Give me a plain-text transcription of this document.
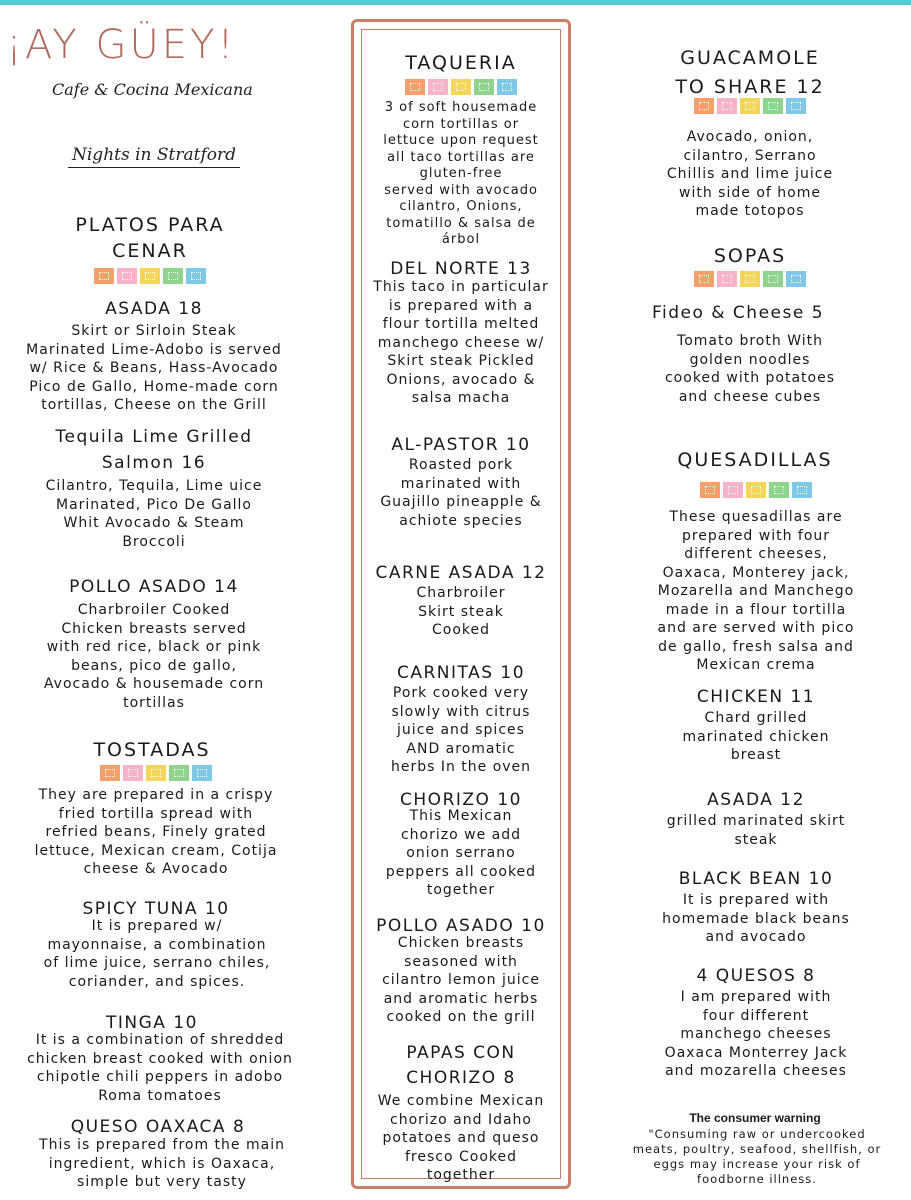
¡AY GÜEY!
Cafe & Cocina Mexicana
Nights in Stratford
PLATOS PARA
CENAR
ASADA 18
Skirt or Sirloin Steak
Marinated Lime-Adobo is served
w/ Rice & Beans, Hass-Avocado
Pico de Gallo, Home-made corn
tortillas, Cheese on the Grill
Tequila Lime Grilled
Salmon 16
Cilantro, Tequila, Lime uice
Marinated, Pico De Gallo
Whit Avocado & Steam
Broccoli
POLLO ASADO 14
Charbroiler Cooked
Chicken breasts served
with red rice, black or pink
beans, pico de gallo,
Avocado & housemade corn
tortillas
TOSTADAS
They are prepared in a crispy
fried tortilla spread with
refried beans, Finely grated
lettuce, Mexican cream, Cotija
cheese & Avocado
SPICY TUNA 10
It is prepared w/
mayonnaise, a combination
of lime juice, serrano chiles,
coriander, and spices.
TINGA 10
It is a combination of shredded
chicken breast cooked with onion
chipotle chili peppers in adobo
Roma tomatoes
QUESO OAXACA 8
This is prepared from the main
ingredient, which is Oaxaca,
simple but very tasty
TAQUERIA
3 of soft housemade
corn tortillas or
lettuce upon request
all taco tortillas are
gluten-free
served with avocado
cilantro, Onions,
tomatillo & salsa de
árbol
DEL NORTE 13
This taco in particular
is prepared with a
flour tortilla melted
manchego cheese w/
Skirt steak Pickled
Onions, avocado &
salsa macha
AL-PASTOR 10
Roasted pork
marinated with
Guajillo pineapple &
achiote species
CARNE ASADA 12
Charbroiler
Skirt steak
Cooked
CARNITAS 10
Pork cooked very
slowly with citrus
juice and spices
AND aromatic
herbs In the oven
CHORIZO 10
This Mexican
chorizo we add
onion serrano
peppers all cooked
together
POLLO ASADO 10
Chicken breasts
seasoned with
cilantro lemon juice
and aromatic herbs
cooked on the grill
PAPAS CON
CHORIZO 8
We combine Mexican
chorizo and Idaho
potatoes and queso
fresco Cooked
together
GUACAMOLE
TO SHARE 12
Avocado, onion,
cilantro, Serrano
Chillis and lime juice
with side of home
made totopos
SOPAS
Fideo & Cheese 5
Tomato broth With
golden noodles
cooked with potatoes
and cheese cubes
QUESADILLAS
These quesadillas are
prepared with four
different cheeses,
Oaxaca, Monterey jack,
Mozarella and Manchego
made in a flour tortilla
and are served with pico
de gallo, fresh salsa and
Mexican crema
CHICKEN 11
Chard grilled
marinated chicken
breast
ASADA 12
grilled marinated skirt
steak
BLACK BEAN 10
It is prepared with
homemade black beans
and avocado
4 QUESOS 8
I am prepared with
four different
manchego cheeses
Oaxaca Monterrey Jack
and mozarella cheeses
The consumer warning
"Consuming raw or undercooked
meats, poultry, seafood, shellfish, or
eggs may increase your risk of
foodborne illness.
